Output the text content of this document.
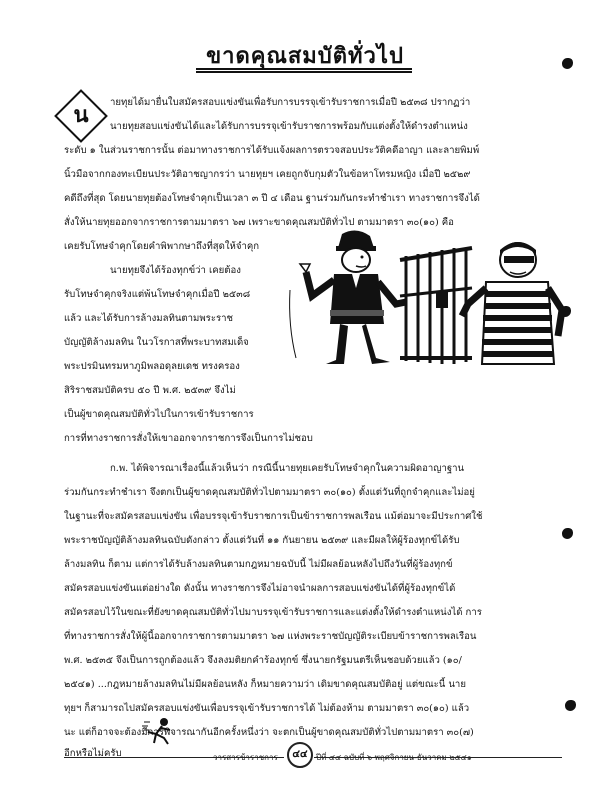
ขาดคุณสมบัติทั่วไป
น
ายทุยได้มายื่นใบสมัครสอบแข่งขันเพื่อรับการบรรจุเข้ารับราชการเมื่อปี ๒๕๓๘ ปรากฏว่า
นายทุยสอบแข่งขันได้และได้รับการบรรจุเข้ารับราชการพร้อมกับแต่งตั้งให้ดำรงตำแหน่ง
ระดับ ๑ ในส่วนราชการนั้น ต่อมาทางราชการได้รับแจ้งผลการตรวจสอบประวัติคดีอาญา และลายพิมพ์
นิ้วมือจากกองทะเบียนประวัติอาชญากรว่า นายทุยฯ เคยถูกจับกุมตัวในข้อหาโทรมหญิง เมื่อปี ๒๕๒๙
คดีถึงที่สุด โดยนายทุยต้องโทษจำคุกเป็นเวลา ๓ ปี ๔ เดือน ฐานร่วมกันกระทำชำเรา ทางราชการจึงได้
สั่งให้นายทุยออกจากราชการตามมาตรา ๖๗ เพราะขาดคุณสมบัติทั่วไป ตามมาตรา ๓๐(๑๐) คือ
เคยรับโทษจำคุกโดยคำพิพากษาถึงที่สุดให้จำคุก
นายทุยจึงได้ร้องทุกข์ว่า เคยต้อง
รับโทษจำคุกจริงแต่พ้นโทษจำคุกเมื่อปี ๒๕๓๘
แล้ว และได้รับการล้างมลทินตามพระราช
บัญญัติล้างมลทิน ในวโรกาสที่พระบาทสมเด็จ
พระปรมินทรมหาภูมิพลอดุลยเดช ทรงครอง
สิริราชสมบัติครบ ๕๐ ปี พ.ศ. ๒๕๓๙ จึงไม่
เป็นผู้ขาดคุณสมบัติทั่วไปในการเข้ารับราชการ
การที่ทางราชการสั่งให้เขาออกจากราชการจึงเป็นการไม่ชอบ
ก.พ. ได้พิจารณาเรื่องนี้แล้วเห็นว่า กรณีนี้นายทุยเคยรับโทษจำคุกในความผิดอาญาฐาน
ร่วมกันกระทำชำเรา จึงตกเป็นผู้ขาดคุณสมบัติทั่วไปตามมาตรา ๓๐(๑๐) ตั้งแต่วันที่ถูกจำคุกและไม่อยู่
ในฐานะที่จะสมัครสอบแข่งขัน เพื่อบรรจุเข้ารับราชการเป็นข้าราชการพลเรือน แม้ต่อมาจะมีประกาศใช้
พระราชบัญญัติล้างมลทินฉบับดังกล่าว ตั้งแต่วันที่ ๑๑ กันยายน ๒๕๓๙ และมีผลให้ผู้ร้องทุกข์ได้รับ
ล้างมลทิน ก็ตาม แต่การได้รับล้างมลทินตามกฎหมายฉบับนี้ ไม่มีผลย้อนหลังไปถึงวันที่ผู้ร้องทุกข์
สมัครสอบแข่งขันแต่อย่างใด ดังนั้น ทางราชการจึงไม่อาจนำผลการสอบแข่งขันได้ที่ผู้ร้องทุกข์ได้
สมัครสอบไว้ในขณะที่ยังขาดคุณสมบัติทั่วไปมาบรรจุเข้ารับราชการและแต่งตั้งให้ดำรงตำแหน่งได้ การ
ที่ทางราชการสั่งให้ผู้นี้ออกจากราชการตามมาตรา ๖๗ แห่งพระราชบัญญัติระเบียบข้าราชการพลเรือน
พ.ศ. ๒๕๓๕ จึงเป็นการถูกต้องแล้ว จึงลงมติยกคำร้องทุกข์ ซึ่งนายกรัฐมนตรีเห็นชอบด้วยแล้ว (๑๐/
๒๕๔๑) ...กฎหมายล้างมลทินไม่มีผลย้อนหลัง ก็หมายความว่า เดิมขาดคุณสมบัติอยู่ แต่ขณะนี้ นาย
ทุยฯ ก็สามารถไปสมัครสอบแข่งขันเพื่อบรรจุเข้ารับราชการได้ ไม่ต้องห้าม ตามมาตรา ๓๐(๑๐) แล้ว
นะ แต่ก็อาจจะต้องมีการพิจารณากันอีกครั้งหนึ่งว่า จะตกเป็นผู้ขาดคุณสมบัติทั่วไปตามมาตรา ๓๐(๗)
อีกหรือไม่ครับ	วารสารข้าราชการ	๔๔	ปีที่ ๔๔ ฉบับที่ ๖ พฤศจิกายน-ธันวาคม ๒๕๔๑
